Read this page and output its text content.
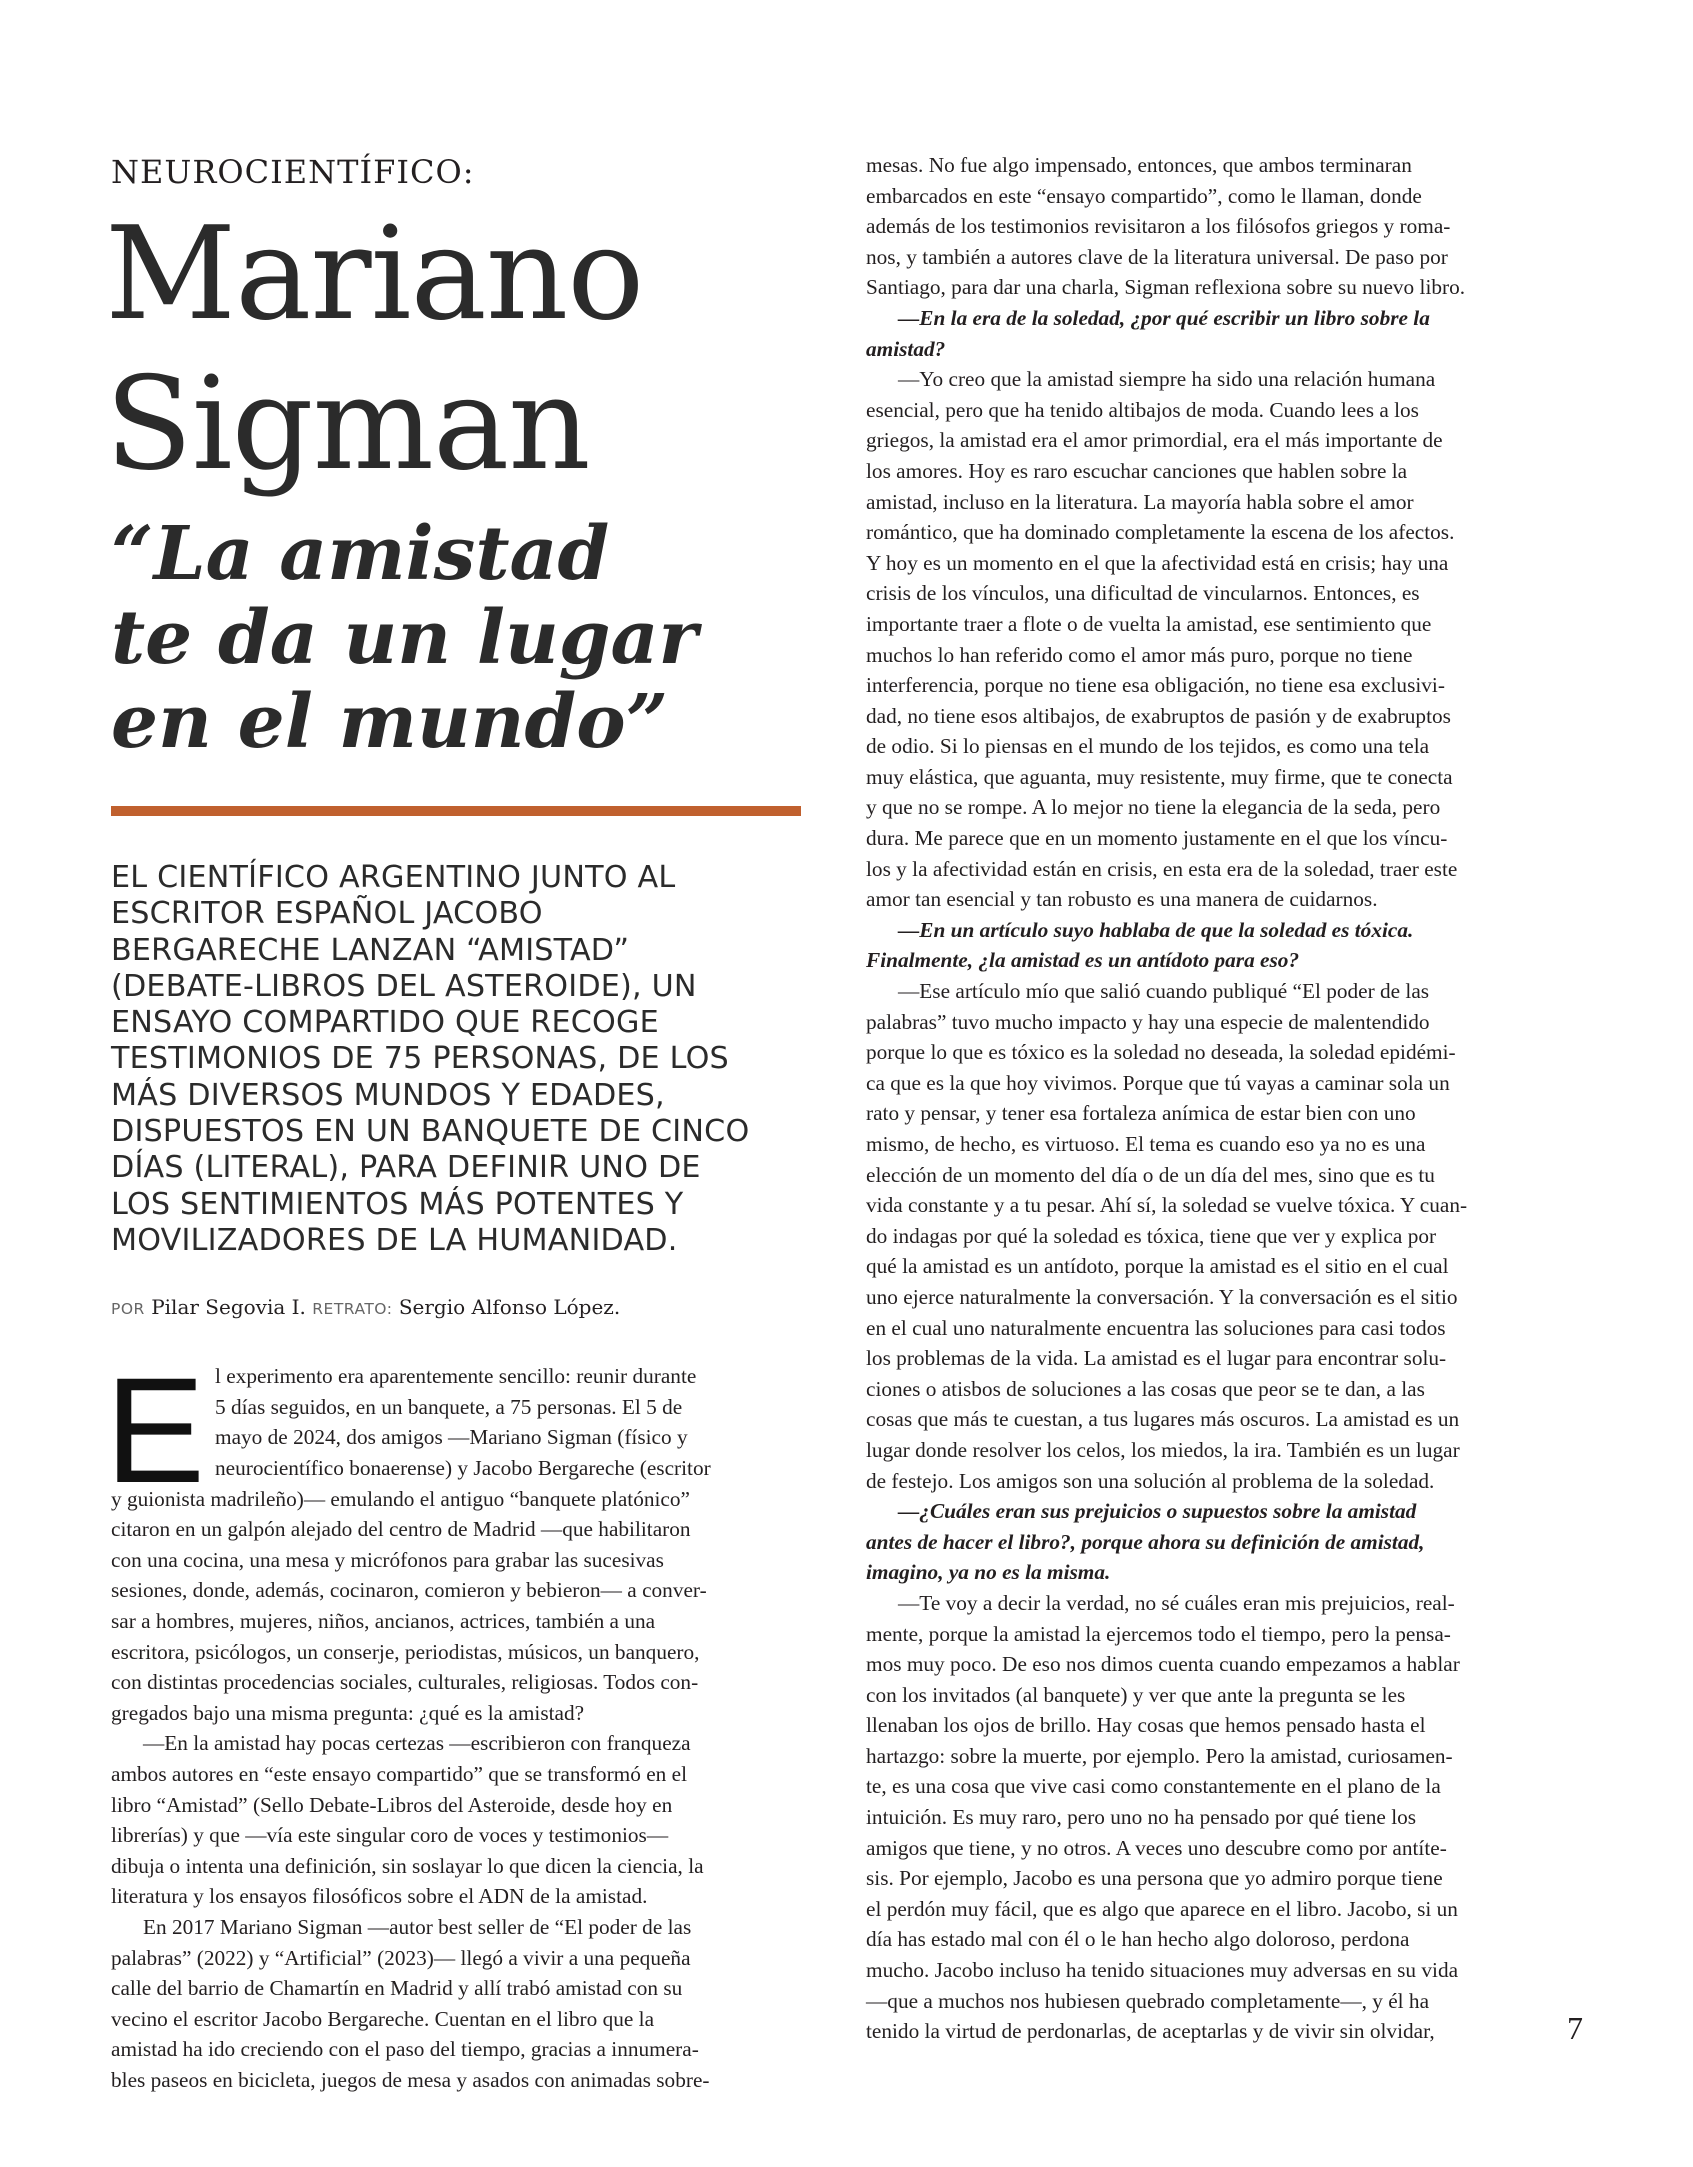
NEUROCIENTÍFICO:

Mariano
Sigman
“La amistad
te da un lugar
en el mundo”
EL CIENTÍFICO ARGENTINO JUNTO AL
ESCRITOR ESPAÑOL JACOBO
BERGARECHE LANZAN “AMISTAD”
(DEBATE-LIBROS DEL ASTEROIDE), UN
ENSAYO COMPARTIDO QUE RECOGE
TESTIMONIOS DE 75 PERSONAS, DE LOS
MÁS DIVERSOS MUNDOS Y EDADES,
DISPUESTOS EN UN BANQUETE DE CINCO
DÍAS (LITERAL), PARA DEFINIR UNO DE
LOS SENTIMIENTOS MÁS POTENTES Y
MOVILIZADORES DE LA HUMANIDAD.
POR Pilar Segovia I. RETRATO: Sergio Alfonso López.
E l experimento era aparentemente sencillo: reunir durante
5 días seguidos, en un banquete, a 75 personas. El 5 de
mayo de 2024, dos amigos —Mariano Sigman (físico y
neurocientífico bonaerense) y Jacobo Bergareche (escritor
y guionista madrileño)— emulando el antiguo “banquete platónico”
citaron en un galpón alejado del centro de Madrid —que habilitaron
con una cocina, una mesa y micrófonos para grabar las sucesivas
sesiones, donde, además, cocinaron, comieron y bebieron— a conver-
sar a hombres, mujeres, niños, ancianos, actrices, también a una
escritora, psicólogos, un conserje, periodistas, músicos, un banquero,
con distintas procedencias sociales, culturales, religiosas. Todos con-
gregados bajo una misma pregunta: ¿qué es la amistad?
—En la amistad hay pocas certezas —escribieron con franqueza
ambos autores en “este ensayo compartido” que se transformó en el
libro “Amistad” (Sello Debate-Libros del Asteroide, desde hoy en
librerías) y que —vía este singular coro de voces y testimonios—
dibuja o intenta una definición, sin soslayar lo que dicen la ciencia, la
literatura y los ensayos filosóficos sobre el ADN de la amistad.
En 2017 Mariano Sigman —autor best seller de “El poder de las
palabras” (2022) y “Artificial” (2023)— llegó a vivir a una pequeña
calle del barrio de Chamartín en Madrid y allí trabó amistad con su
vecino el escritor Jacobo Bergareche. Cuentan en el libro que la
amistad ha ido creciendo con el paso del tiempo, gracias a innumera-
bles paseos en bicicleta, juegos de mesa y asados con animadas sobre-
mesas. No fue algo impensado, entonces, que ambos terminaran
embarcados en este “ensayo compartido”, como le llaman, donde
además de los testimonios revisitaron a los filósofos griegos y roma-
nos, y también a autores clave de la literatura universal. De paso por
Santiago, para dar una charla, Sigman reflexiona sobre su nuevo libro.
—En la era de la soledad, ¿por qué escribir un libro sobre la
amistad?
—Yo creo que la amistad siempre ha sido una relación humana
esencial, pero que ha tenido altibajos de moda. Cuando lees a los
griegos, la amistad era el amor primordial, era el más importante de
los amores. Hoy es raro escuchar canciones que hablen sobre la
amistad, incluso en la literatura. La mayoría habla sobre el amor
romántico, que ha dominado completamente la escena de los afectos.
Y hoy es un momento en el que la afectividad está en crisis; hay una
crisis de los vínculos, una dificultad de vincularnos. Entonces, es
importante traer a flote o de vuelta la amistad, ese sentimiento que
muchos lo han referido como el amor más puro, porque no tiene
interferencia, porque no tiene esa obligación, no tiene esa exclusivi-
dad, no tiene esos altibajos, de exabruptos de pasión y de exabruptos
de odio. Si lo piensas en el mundo de los tejidos, es como una tela
muy elástica, que aguanta, muy resistente, muy firme, que te conecta
y que no se rompe. A lo mejor no tiene la elegancia de la seda, pero
dura. Me parece que en un momento justamente en el que los víncu-
los y la afectividad están en crisis, en esta era de la soledad, traer este
amor tan esencial y tan robusto es una manera de cuidarnos.
—En un artículo suyo hablaba de que la soledad es tóxica.
Finalmente, ¿la amistad es un antídoto para eso?
—Ese artículo mío que salió cuando publiqué “El poder de las
palabras” tuvo mucho impacto y hay una especie de malentendido
porque lo que es tóxico es la soledad no deseada, la soledad epidémi-
ca que es la que hoy vivimos. Porque que tú vayas a caminar sola un
rato y pensar, y tener esa fortaleza anímica de estar bien con uno
mismo, de hecho, es virtuoso. El tema es cuando eso ya no es una
elección de un momento del día o de un día del mes, sino que es tu
vida constante y a tu pesar. Ahí sí, la soledad se vuelve tóxica. Y cuan-
do indagas por qué la soledad es tóxica, tiene que ver y explica por
qué la amistad es un antídoto, porque la amistad es el sitio en el cual
uno ejerce naturalmente la conversación. Y la conversación es el sitio
en el cual uno naturalmente encuentra las soluciones para casi todos
los problemas de la vida. La amistad es el lugar para encontrar solu-
ciones o atisbos de soluciones a las cosas que peor se te dan, a las
cosas que más te cuestan, a tus lugares más oscuros. La amistad es un
lugar donde resolver los celos, los miedos, la ira. También es un lugar
de festejo. Los amigos son una solución al problema de la soledad.
—¿Cuáles eran sus prejuicios o supuestos sobre la amistad
antes de hacer el libro?, porque ahora su definición de amistad,
imagino, ya no es la misma.
—Te voy a decir la verdad, no sé cuáles eran mis prejuicios, real-
mente, porque la amistad la ejercemos todo el tiempo, pero la pensa-
mos muy poco. De eso nos dimos cuenta cuando empezamos a hablar
con los invitados (al banquete) y ver que ante la pregunta se les
llenaban los ojos de brillo. Hay cosas que hemos pensado hasta el
hartazgo: sobre la muerte, por ejemplo. Pero la amistad, curiosamen-
te, es una cosa que vive casi como constantemente en el plano de la
intuición. Es muy raro, pero uno no ha pensado por qué tiene los
amigos que tiene, y no otros. A veces uno descubre como por antíte-
sis. Por ejemplo, Jacobo es una persona que yo admiro porque tiene
el perdón muy fácil, que es algo que aparece en el libro. Jacobo, si un
día has estado mal con él o le han hecho algo doloroso, perdona
mucho. Jacobo incluso ha tenido situaciones muy adversas en su vida
—que a muchos nos hubiesen quebrado completamente—, y él ha
tenido la virtud de perdonarlas, de aceptarlas y de vivir sin olvidar,	7
